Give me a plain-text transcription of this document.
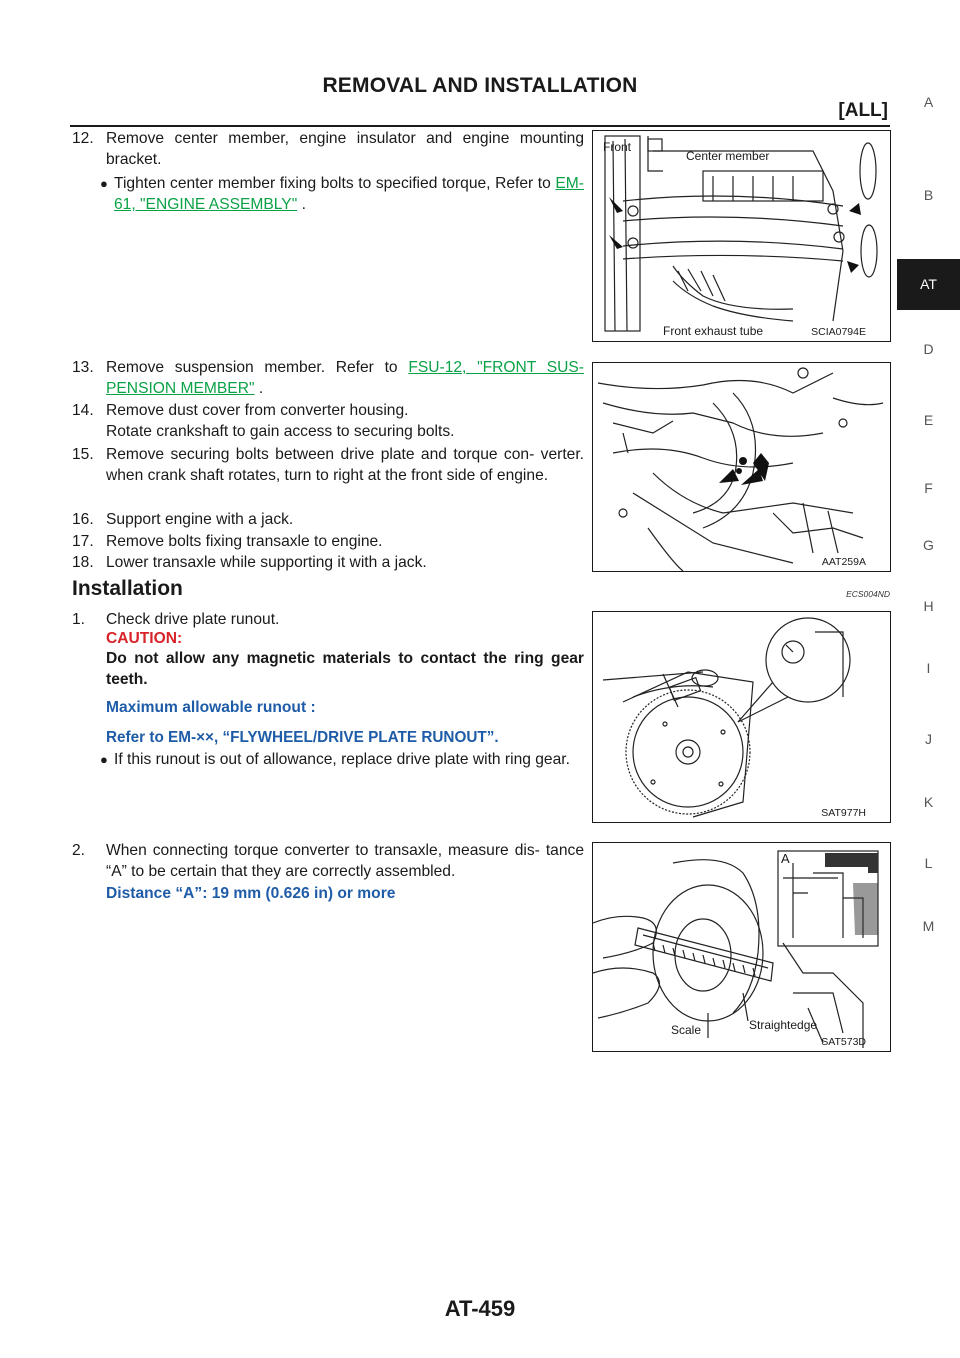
REMOVAL AND INSTALLATION
[ALL]	A
B
AT
D
E
F
G
H
I
J
K
L
M
12. Remove center member, engine insulator and engine mounting bracket.
● Tighten center member fixing bolts to specified torque, Refer to EM-61, "ENGINE ASSEMBLY" .
13. Remove suspension member. Refer to FSU-12, "FRONT SUS- PENSION MEMBER" .
14. Remove dust cover from converter housing.
Rotate crankshaft to gain access to securing bolts.
15. Remove securing bolts between drive plate and torque con- verter. when crank shaft rotates, turn to right at the front side of engine.
16. Support engine with a jack.
17. Remove bolts fixing transaxle to engine.
18. Lower transaxle while supporting it with a jack.
Installation	ECS004ND
1.	Check drive plate runout.
CAUTION:
Do not allow any magnetic materials to contact the ring gear teeth.
Maximum allowable runout :
Refer to EM-××, “FLYWHEEL/DRIVE PLATE RUNOUT”.
● If this runout is out of allowance, replace drive plate with ring gear.
2.	When connecting torque converter to transaxle, measure dis- tance “A” to be certain that they are correctly assembled.
Distance “A”: 19 mm (0.626 in) or more
Front
Center member
Front exhaust tube	SCIA0794E
AAT259A
SAT977H
A
Scale	Straightedge
SAT573D
AT-459
